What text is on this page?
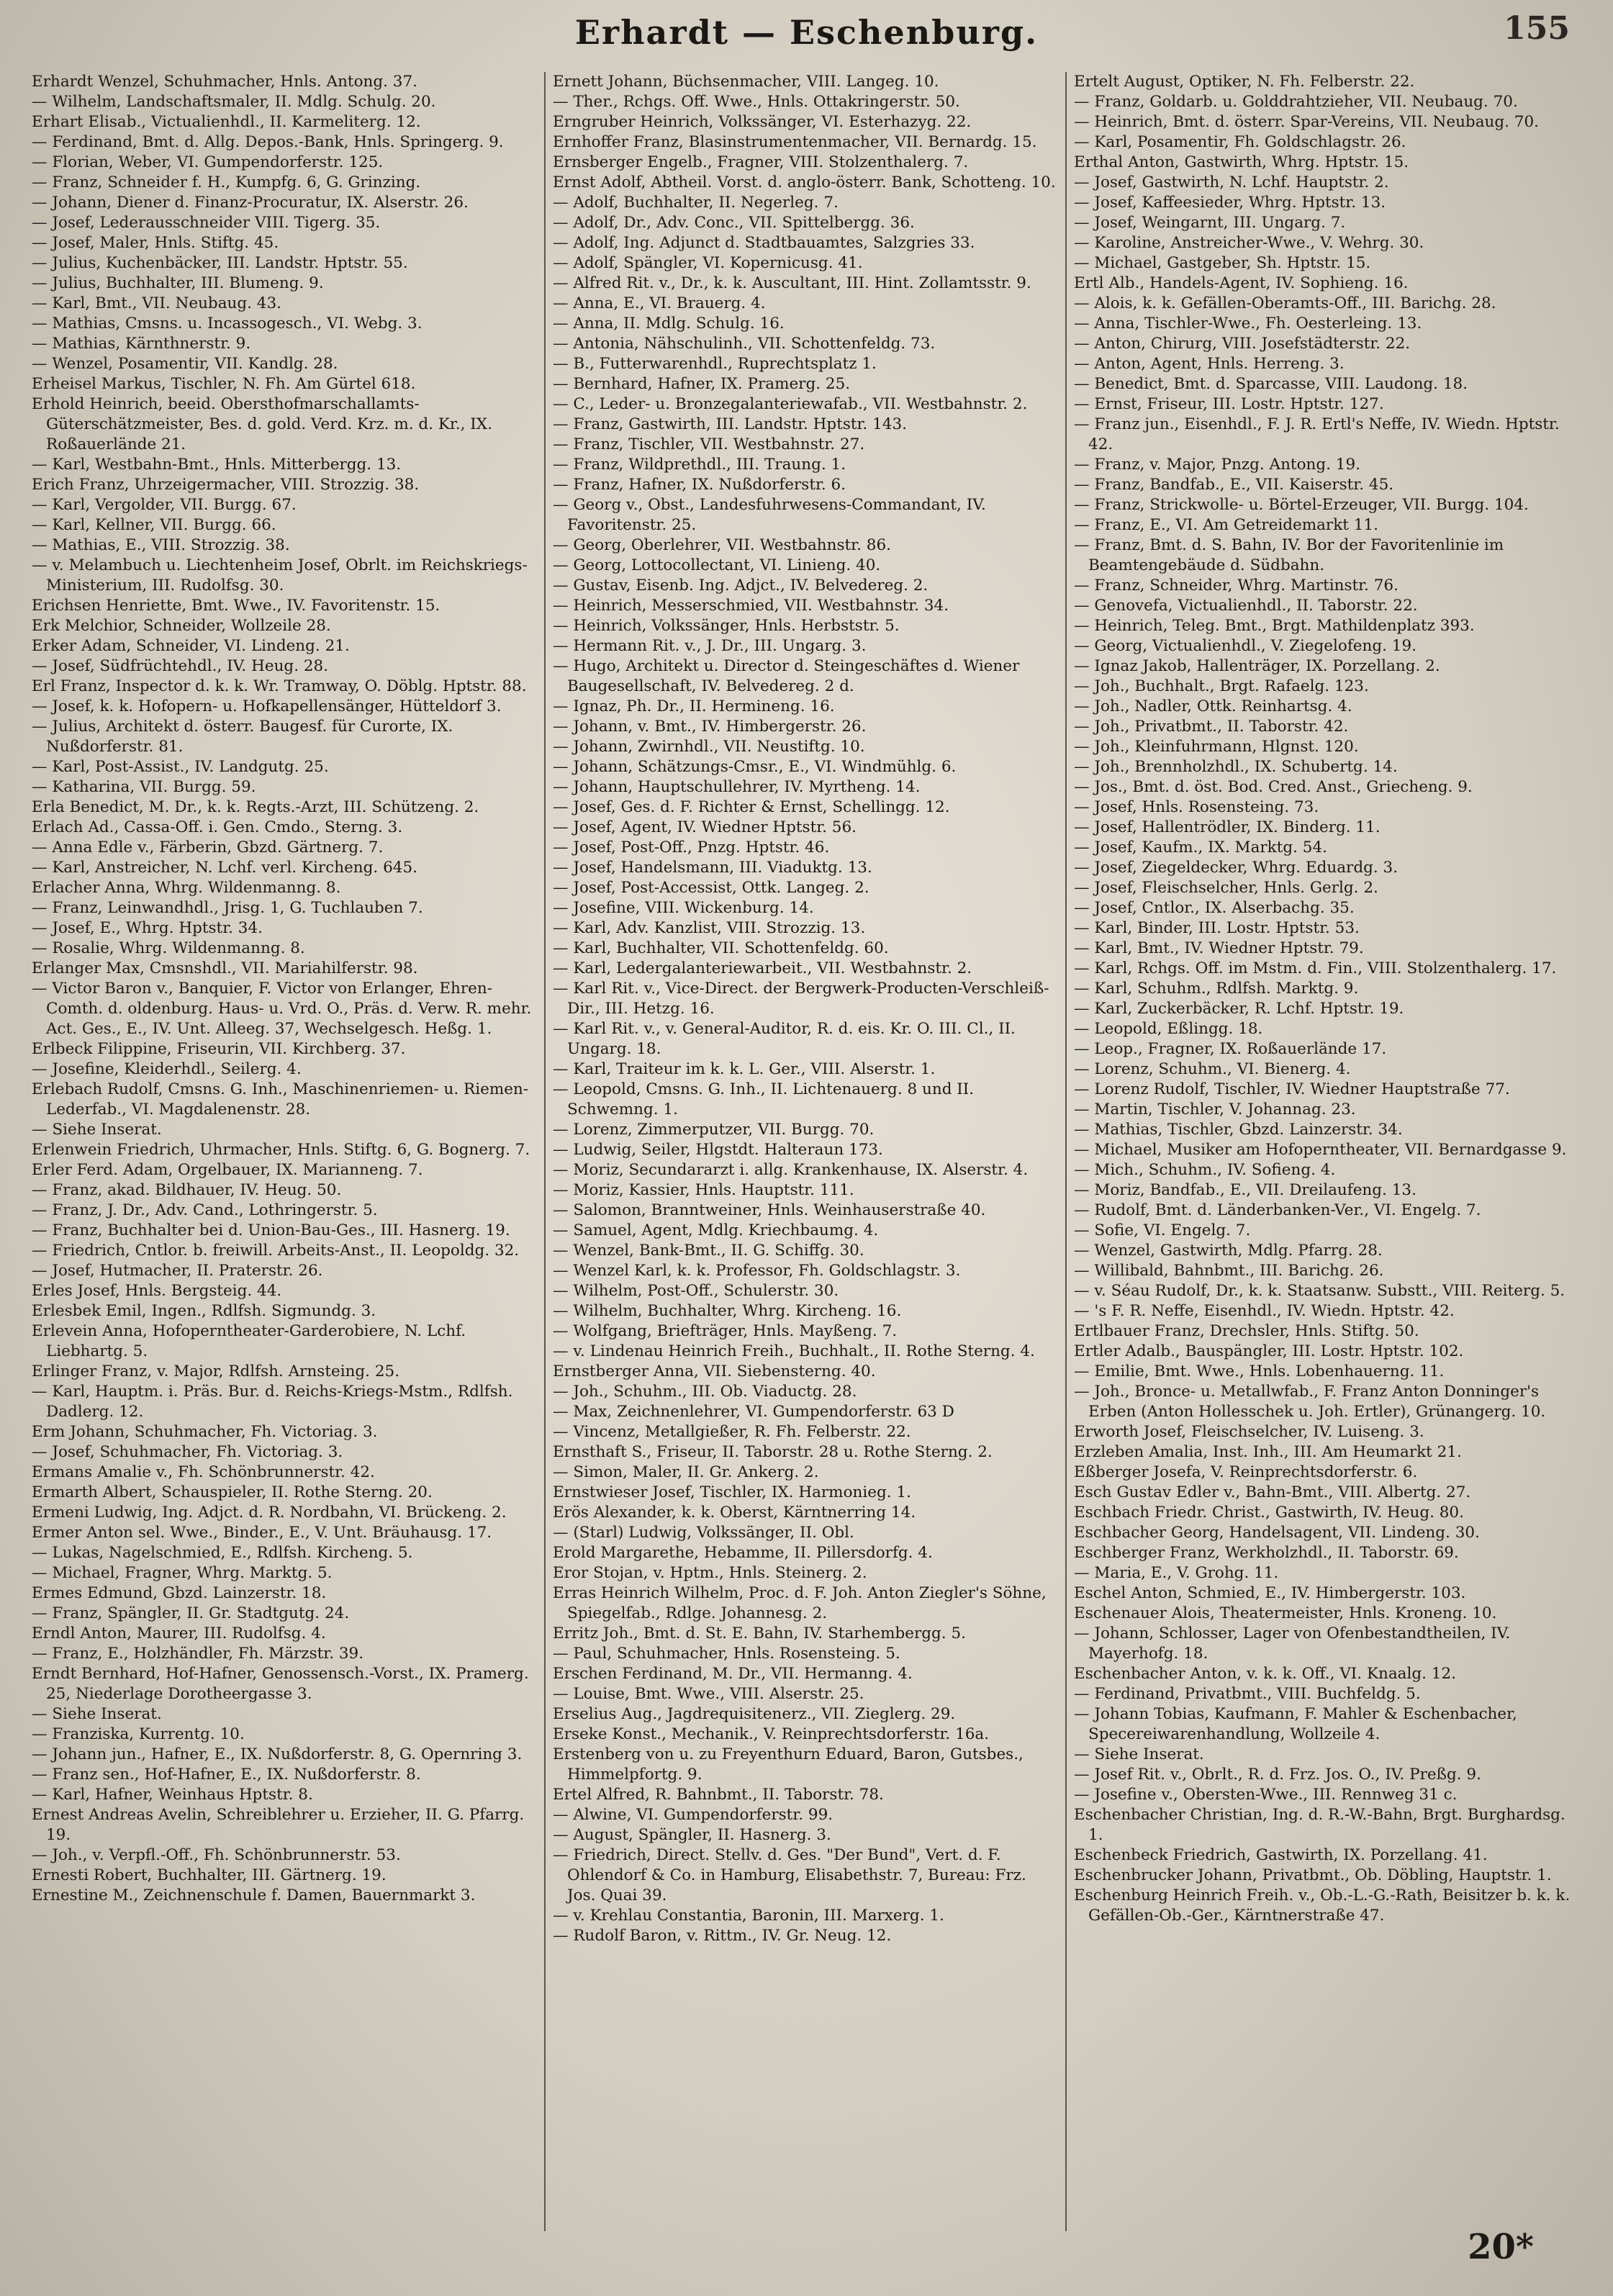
Erhardt — Eschenburg.	155

Erhardt Wenzel, Schuhmacher, Hnls. Antong. 37.

— Wilhelm, Landschaftsmaler, II. Mdlg. Schulg. 20.

Erhart Elisab., Victualienhdl., II. Karmeliterg. 12.

— Ferdinand, Bmt. d. Allg. Depos.-Bank, Hnls. Springerg. 9.

— Florian, Weber, VI. Gumpendorferstr. 125.

— Franz, Schneider f. H., Kumpfg. 6, G. Grinzing.

— Johann, Diener d. Finanz-Procuratur, IX. Alserstr. 26.

— Josef, Lederausschneider VIII. Tigerg. 35.

— Josef, Maler, Hnls. Stiftg. 45.

— Julius, Kuchenbäcker, III. Landstr. Hptstr. 55.

— Julius, Buchhalter, III. Blumeng. 9.

— Karl, Bmt., VII. Neubaug. 43.

— Mathias, Cmsns. u. Incassogesch., VI. Webg. 3.

— Mathias, Kärnthnerstr. 9.

— Wenzel, Posamentir, VII. Kandlg. 28.

Erheisel Markus, Tischler, N. Fh. Am Gürtel 618.

Erhold Heinrich, beeid. Obersthofmarschallamts-Güterschätzmeister, Bes. d. gold. Verd. Krz. m. d. Kr., IX. Roßauerlände 21.

— Karl, Westbahn-Bmt., Hnls. Mitterbergg. 13.

Erich Franz, Uhrzeigermacher, VIII. Strozzig. 38.

— Karl, Vergolder, VII. Burgg. 67.

— Karl, Kellner, VII. Burgg. 66.

— Mathias, E., VIII. Strozzig. 38.

— v. Melambuch u. Liechtenheim Josef, Obrlt. im Reichskriegs-Ministerium, III. Rudolfsg. 30.

Erichsen Henriette, Bmt. Wwe., IV. Favoritenstr. 15.

Erk Melchior, Schneider, Wollzeile 28.

Erker Adam, Schneider, VI. Lindeng. 21.

— Josef, Südfrüchtehdl., IV. Heug. 28.

Erl Franz, Inspector d. k. k. Wr. Tramway, O. Döblg. Hptstr. 88.

— Josef, k. k. Hofopern- u. Hofkapellensänger, Hütteldorf 3.

— Julius, Architekt d. österr. Baugesf. für Curorte, IX. Nußdorferstr. 81.

— Karl, Post-Assist., IV. Landgutg. 25.

— Katharina, VII. Burgg. 59.

Erla Benedict, M. Dr., k. k. Regts.-Arzt, III. Schützeng. 2.

Erlach Ad., Cassa-Off. i. Gen. Cmdo., Sterng. 3.

— Anna Edle v., Färberin, Gbzd. Gärtnerg. 7.

— Karl, Anstreicher, N. Lchf. verl. Kircheng. 645.

Erlacher Anna, Whrg. Wildenmanng. 8.

— Franz, Leinwandhdl., Jrisg. 1, G. Tuchlauben 7.

— Josef, E., Whrg. Hptstr. 34.

— Rosalie, Whrg. Wildenmanng. 8.

Erlanger Max, Cmsnshdl., VII. Mariahilferstr. 98.

— Victor Baron v., Banquier, F. Victor von Erlanger, Ehren-Comth. d. oldenburg. Haus- u. Vrd. O., Präs. d. Verw. R. mehr. Act. Ges., E., IV. Unt. Alleeg. 37, Wechselgesch. Heßg. 1.

Erlbeck Filippine, Friseurin, VII. Kirchberg. 37.

— Josefine, Kleiderhdl., Seilerg. 4.

Erlebach Rudolf, Cmsns. G. Inh., Maschinenriemen- u. Riemen-Lederfab., VI. Magdalenenstr. 28.

— Siehe Inserat.

Erlenwein Friedrich, Uhrmacher, Hnls. Stiftg. 6, G. Bognerg. 7.

Erler Ferd. Adam, Orgelbauer, IX. Marianneng. 7.

— Franz, akad. Bildhauer, IV. Heug. 50.

— Franz, J. Dr., Adv. Cand., Lothringerstr. 5.

— Franz, Buchhalter bei d. Union-Bau-Ges., III. Hasnerg. 19.

— Friedrich, Cntlor. b. freiwill. Arbeits-Anst., II. Leopoldg. 32.

— Josef, Hutmacher, II. Praterstr. 26.

Erles Josef, Hnls. Bergsteig. 44.

Erlesbek Emil, Ingen., Rdlfsh. Sigmundg. 3.

Erlevein Anna, Hofoperntheater-Garderobiere, N. Lchf. Liebhartg. 5.

Erlinger Franz, v. Major, Rdlfsh. Arnsteing. 25.

— Karl, Hauptm. i. Präs. Bur. d. Reichs-Kriegs-Mstm., Rdlfsh. Dadlerg. 12.

Erm Johann, Schuhmacher, Fh. Victoriag. 3.

— Josef, Schuhmacher, Fh. Victoriag. 3.

Ermans Amalie v., Fh. Schönbrunnerstr. 42.

Ermarth Albert, Schauspieler, II. Rothe Sterng. 20.

Ermeni Ludwig, Ing. Adjct. d. R. Nordbahn, VI. Brückeng. 2.

Ermer Anton sel. Wwe., Binder., E., V. Unt. Bräuhausg. 17.

— Lukas, Nagelschmied, E., Rdlfsh. Kircheng. 5.

— Michael, Fragner, Whrg. Marktg. 5.

Ermes Edmund, Gbzd. Lainzerstr. 18.

— Franz, Spängler, II. Gr. Stadtgutg. 24.

Erndl Anton, Maurer, III. Rudolfsg. 4.

— Franz, E., Holzhändler, Fh. Märzstr. 39.

Erndt Bernhard, Hof-Hafner, Genossensch.-Vorst., IX. Pramerg. 25, Niederlage Dorotheergasse 3.

— Siehe Inserat.

— Franziska, Kurrentg. 10.

— Johann jun., Hafner, E., IX. Nußdorferstr. 8, G. Opernring 3.

— Franz sen., Hof-Hafner, E., IX. Nußdorferstr. 8.

— Karl, Hafner, Weinhaus Hptstr. 8.

Ernest Andreas Avelin, Schreiblehrer u. Erzieher, II. G. Pfarrg. 19.

— Joh., v. Verpfl.-Off., Fh. Schönbrunnerstr. 53.

Ernesti Robert, Buchhalter, III. Gärtnerg. 19.

Ernestine M., Zeichnenschule f. Damen, Bauernmarkt 3.

Ernett Johann, Büchsenmacher, VIII. Langeg. 10.

— Ther., Rchgs. Off. Wwe., Hnls. Ottakringerstr. 50.

Erngruber Heinrich, Volkssänger, VI. Esterhazyg. 22.

Ernhoffer Franz, Blasinstrumentenmacher, VII. Bernardg. 15.

Ernsberger Engelb., Fragner, VIII. Stolzenthalerg. 7.

Ernst Adolf, Abtheil. Vorst. d. anglo-österr. Bank, Schotteng. 10.

— Adolf, Buchhalter, II. Negerleg. 7.

— Adolf, Dr., Adv. Conc., VII. Spittelbergg. 36.

— Adolf, Ing. Adjunct d. Stadtbauamtes, Salzgries 33.

— Adolf, Spängler, VI. Kopernicusg. 41.

— Alfred Rit. v., Dr., k. k. Auscultant, III. Hint. Zollamtsstr. 9.

— Anna, E., VI. Brauerg. 4.

— Anna, II. Mdlg. Schulg. 16.

— Antonia, Nähschulinh., VII. Schottenfeldg. 73.

— B., Futterwarenhdl., Ruprechtsplatz 1.

— Bernhard, Hafner, IX. Pramerg. 25.

— C., Leder- u. Bronzegalanteriewafab., VII. Westbahnstr. 2.

— Franz, Gastwirth, III. Landstr. Hptstr. 143.

— Franz, Tischler, VII. Westbahnstr. 27.

— Franz, Wildprethdl., III. Traung. 1.

— Franz, Hafner, IX. Nußdorferstr. 6.

— Georg v., Obst., Landesfuhrwesens-Commandant, IV. Favoritenstr. 25.

— Georg, Oberlehrer, VII. Westbahnstr. 86.

— Georg, Lottocollectant, VI. Linieng. 40.

— Gustav, Eisenb. Ing. Adjct., IV. Belvedereg. 2.

— Heinrich, Messerschmied, VII. Westbahnstr. 34.

— Heinrich, Volkssänger, Hnls. Herbststr. 5.

— Hermann Rit. v., J. Dr., III. Ungarg. 3.

— Hugo, Architekt u. Director d. Steingeschäftes d. Wiener Baugesellschaft, IV. Belvedereg. 2 d.

— Ignaz, Ph. Dr., II. Hermineng. 16.

— Johann, v. Bmt., IV. Himbergerstr. 26.

— Johann, Zwirnhdl., VII. Neustiftg. 10.

— Johann, Schätzungs-Cmsr., E., VI. Windmühlg. 6.

— Johann, Hauptschullehrer, IV. Myrtheng. 14.

— Josef, Ges. d. F. Richter & Ernst, Schellingg. 12.

— Josef, Agent, IV. Wiedner Hptstr. 56.

— Josef, Post-Off., Pnzg. Hptstr. 46.

— Josef, Handelsmann, III. Viaduktg. 13.

— Josef, Post-Accessist, Ottk. Langeg. 2.

— Josefine, VIII. Wickenburg. 14.

— Karl, Adv. Kanzlist, VIII. Strozzig. 13.

— Karl, Buchhalter, VII. Schottenfeldg. 60.

— Karl, Ledergalanteriewarbeit., VII. Westbahnstr. 2.

— Karl Rit. v., Vice-Direct. der Bergwerk-Producten-Verschleiß-Dir., III. Hetzg. 16.

— Karl Rit. v., v. General-Auditor, R. d. eis. Kr. O. III. Cl., II. Ungarg. 18.

— Karl, Traiteur im k. k. L. Ger., VIII. Alserstr. 1.

— Leopold, Cmsns. G. Inh., II. Lichtenauerg. 8 und II. Schwemng. 1.

— Lorenz, Zimmerputzer, VII. Burgg. 70.

— Ludwig, Seiler, Hlgstdt. Halteraun 173.

— Moriz, Secundararzt i. allg. Krankenhause, IX. Alserstr. 4.

— Moriz, Kassier, Hnls. Hauptstr. 111.

— Salomon, Branntweiner, Hnls. Weinhauserstraße 40.

— Samuel, Agent, Mdlg. Kriechbaumg. 4.

— Wenzel, Bank-Bmt., II. G. Schiffg. 30.

— Wenzel Karl, k. k. Professor, Fh. Goldschlagstr. 3.

— Wilhelm, Post-Off., Schulerstr. 30.

— Wilhelm, Buchhalter, Whrg. Kircheng. 16.

— Wolfgang, Briefträger, Hnls. Mayßeng. 7.

— v. Lindenau Heinrich Freih., Buchhalt., II. Rothe Sterng. 4.

Ernstberger Anna, VII. Siebensterng. 40.

— Joh., Schuhm., III. Ob. Viaductg. 28.

— Max, Zeichnenlehrer, VI. Gumpendorferstr. 63 D

— Vincenz, Metallgießer, R. Fh. Felberstr. 22.

Ernsthaft S., Friseur, II. Taborstr. 28 u. Rothe Sterng. 2.

— Simon, Maler, II. Gr. Ankerg. 2.

Ernstwieser Josef, Tischler, IX. Harmonieg. 1.

Erös Alexander, k. k. Oberst, Kärntnerring 14.

— (Starl) Ludwig, Volkssänger, II. Obl.

Erold Margarethe, Hebamme, II. Pillersdorfg. 4.

Eror Stojan, v. Hptm., Hnls. Steinerg. 2.

Erras Heinrich Wilhelm, Proc. d. F. Joh. Anton Ziegler's Söhne, Spiegelfab., Rdlge. Johannesg. 2.

Erritz Joh., Bmt. d. St. E. Bahn, IV. Starhembergg. 5.

— Paul, Schuhmacher, Hnls. Rosensteing. 5.

Erschen Ferdinand, M. Dr., VII. Hermanng. 4.

— Louise, Bmt. Wwe., VIII. Alserstr. 25.

Erselius Aug., Jagdrequisitenerz., VII. Zieglerg. 29.

Erseke Konst., Mechanik., V. Reinprechtsdorferstr. 16a.

Erstenberg von u. zu Freyenthurn Eduard, Baron, Gutsbes., Himmelpfortg. 9.

Ertel Alfred, R. Bahnbmt., II. Taborstr. 78.

— Alwine, VI. Gumpendorferstr. 99.

— August, Spängler, II. Hasnerg. 3.

— Friedrich, Direct. Stellv. d. Ges. "Der Bund", Vert. d. F. Ohlendorf & Co. in Hamburg, Elisabethstr. 7, Bureau: Frz. Jos. Quai 39.

— v. Krehlau Constantia, Baronin, III. Marxerg. 1.

— Rudolf Baron, v. Rittm., IV. Gr. Neug. 12.

Ertelt August, Optiker, N. Fh. Felberstr. 22.

— Franz, Goldarb. u. Golddrahtzieher, VII. Neubaug. 70.

— Heinrich, Bmt. d. österr. Spar-Vereins, VII. Neubaug. 70.

— Karl, Posamentir, Fh. Goldschlagstr. 26.

Erthal Anton, Gastwirth, Whrg. Hptstr. 15.

— Josef, Gastwirth, N. Lchf. Hauptstr. 2.

— Josef, Kaffeesieder, Whrg. Hptstr. 13.

— Josef, Weingarnt, III. Ungarg. 7.

— Karoline, Anstreicher-Wwe., V. Wehrg. 30.

— Michael, Gastgeber, Sh. Hptstr. 15.

Ertl Alb., Handels-Agent, IV. Sophieng. 16.

— Alois, k. k. Gefällen-Oberamts-Off., III. Barichg. 28.

— Anna, Tischler-Wwe., Fh. Oesterleing. 13.

— Anton, Chirurg, VIII. Josefstädterstr. 22.

— Anton, Agent, Hnls. Herreng. 3.

— Benedict, Bmt. d. Sparcasse, VIII. Laudong. 18.

— Ernst, Friseur, III. Lostr. Hptstr. 127.

— Franz jun., Eisenhdl., F. J. R. Ertl's Neffe, IV. Wiedn. Hptstr. 42.

— Franz, v. Major, Pnzg. Antong. 19.

— Franz, Bandfab., E., VII. Kaiserstr. 45.

— Franz, Strickwolle- u. Börtel-Erzeuger, VII. Burgg. 104.

— Franz, E., VI. Am Getreidemarkt 11.

— Franz, Bmt. d. S. Bahn, IV. Bor der Favoritenlinie im Beamtengebäude d. Südbahn.

— Franz, Schneider, Whrg. Martinstr. 76.

— Genovefa, Victualienhdl., II. Taborstr. 22.

— Heinrich, Teleg. Bmt., Brgt. Mathildenplatz 393.

— Georg, Victualienhdl., V. Ziegelofeng. 19.

— Ignaz Jakob, Hallenträger, IX. Porzellang. 2.

— Joh., Buchhalt., Brgt. Rafaelg. 123.

— Joh., Nadler, Ottk. Reinhartsg. 4.

— Joh., Privatbmt., II. Taborstr. 42.

— Joh., Kleinfuhrmann, Hlgnst. 120.

— Joh., Brennholzhdl., IX. Schubertg. 14.

— Jos., Bmt. d. öst. Bod. Cred. Anst., Griecheng. 9.

— Josef, Hnls. Rosensteing. 73.

— Josef, Hallentrödler, IX. Binderg. 11.

— Josef, Kaufm., IX. Marktg. 54.

— Josef, Ziegeldecker, Whrg. Eduardg. 3.

— Josef, Fleischselcher, Hnls. Gerlg. 2.

— Josef, Cntlor., IX. Alserbachg. 35.

— Karl, Binder, III. Lostr. Hptstr. 53.

— Karl, Bmt., IV. Wiedner Hptstr. 79.

— Karl, Rchgs. Off. im Mstm. d. Fin., VIII. Stolzenthalerg. 17.

— Karl, Schuhm., Rdlfsh. Marktg. 9.

— Karl, Zuckerbäcker, R. Lchf. Hptstr. 19.

— Leopold, Eßlingg. 18.

— Leop., Fragner, IX. Roßauerlände 17.

— Lorenz, Schuhm., VI. Bienerg. 4.

— Lorenz Rudolf, Tischler, IV. Wiedner Hauptstraße 77.

— Martin, Tischler, V. Johannag. 23.

— Mathias, Tischler, Gbzd. Lainzerstr. 34.

— Michael, Musiker am Hofoperntheater, VII. Bernardgasse 9.

— Mich., Schuhm., IV. Sofieng. 4.

— Moriz, Bandfab., E., VII. Dreilaufeng. 13.

— Rudolf, Bmt. d. Länderbanken-Ver., VI. Engelg. 7.

— Sofie, VI. Engelg. 7.

— Wenzel, Gastwirth, Mdlg. Pfarrg. 28.

— Willibald, Bahnbmt., III. Barichg. 26.

— v. Séau Rudolf, Dr., k. k. Staatsanw. Substt., VIII. Reiterg. 5.

— 's F. R. Neffe, Eisenhdl., IV. Wiedn. Hptstr. 42.

Ertlbauer Franz, Drechsler, Hnls. Stiftg. 50.

Ertler Adalb., Bauspängler, III. Lostr. Hptstr. 102.

— Emilie, Bmt. Wwe., Hnls. Lobenhauerng. 11.

— Joh., Bronce- u. Metallwfab., F. Franz Anton Donninger's Erben (Anton Hollesschek u. Joh. Ertler), Grünangerg. 10.

Erworth Josef, Fleischselcher, IV. Luiseng. 3.

Erzleben Amalia, Inst. Inh., III. Am Heumarkt 21.

Eßberger Josefa, V. Reinprechtsdorferstr. 6.

Esch Gustav Edler v., Bahn-Bmt., VIII. Albertg. 27.

Eschbach Friedr. Christ., Gastwirth, IV. Heug. 80.

Eschbacher Georg, Handelsagent, VII. Lindeng. 30.

Eschberger Franz, Werkholzhdl., II. Taborstr. 69.

— Maria, E., V. Grohg. 11.

Eschel Anton, Schmied, E., IV. Himbergerstr. 103.

Eschenauer Alois, Theatermeister, Hnls. Kroneng. 10.

— Johann, Schlosser, Lager von Ofenbestandtheilen, IV. Mayerhofg. 18.

Eschenbacher Anton, v. k. k. Off., VI. Knaalg. 12.

— Ferdinand, Privatbmt., VIII. Buchfeldg. 5.

— Johann Tobias, Kaufmann, F. Mahler & Eschenbacher, Specereiwarenhandlung, Wollzeile 4.

— Siehe Inserat.

— Josef Rit. v., Obrlt., R. d. Frz. Jos. O., IV. Preßg. 9.

— Josefine v., Obersten-Wwe., III. Rennweg 31 c.

Eschenbacher Christian, Ing. d. R.-W.-Bahn, Brgt. Burghardsg. 1.

Eschenbeck Friedrich, Gastwirth, IX. Porzellang. 41.

Eschenbrucker Johann, Privatbmt., Ob. Döbling, Hauptstr. 1.

Eschenburg Heinrich Freih. v., Ob.-L.-G.-Rath, Beisitzer b. k. k. Gefällen-Ob.-Ger., Kärntnerstraße 47.

20*
